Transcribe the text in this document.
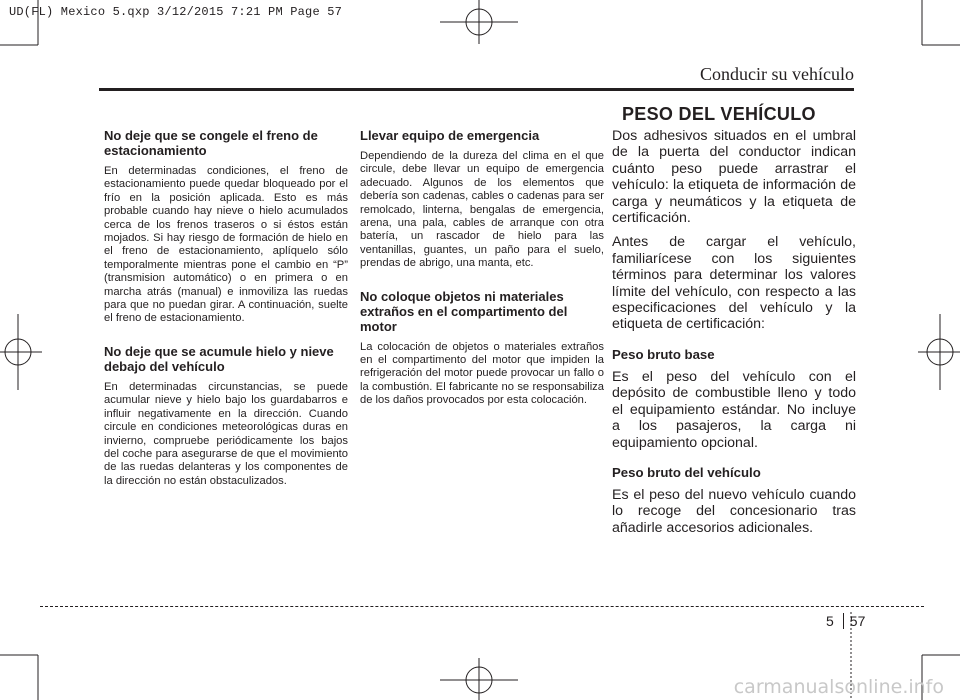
UD(FL) Mexico 5.qxp 3/12/2015 7:21 PM Page 57
Conducir su vehículo
No deje que se congele el freno de estacionamiento

En determinadas condiciones, el freno de estacionamiento puede quedar bloqueado por el frío en la posición aplicada. Esto es más probable cuando hay nieve o hielo acumulados cerca de los frenos traseros o si éstos están mojados. Si hay riesgo de formación de hielo en el freno de estacionamiento, aplíquelo sólo temporalmente mientras pone el cambio en “P” (transmision automático) o en primera o en marcha atrás (manual) e inmoviliza las ruedas para que no puedan girar. A continuación, suelte el freno de estacionamiento.

No deje que se acumule hielo y nieve debajo del vehículo

En determinadas circunstancias, se puede acumular nieve y hielo bajo los guardabarros e influir negativamente en la dirección. Cuando circule en condiciones meteorológicas duras en invierno, compruebe periódicamente los bajos del coche para asegurarse de que el movimiento de las ruedas delanteras y los componentes de la dirección no están obstaculizados.

Llevar equipo de emergencia

Dependiendo de la dureza del clima en el que circule, debe llevar un equipo de emergencia adecuado. Algunos de los elementos que debería son cadenas, cables o cadenas para ser remolcado, linterna, bengalas de emergencia, arena, una pala, cables de arranque con otra batería, un rascador de hielo para las ventanillas, guantes, un paño para el suelo, prendas de abrigo, una manta, etc.

No coloque objetos ni materiales extraños en el compartimento del motor

La colocación de objetos o materiales extraños en el compartimento del motor que impiden la refrigeración del motor puede provocar un fallo o la combustión. El fabricante no se responsabiliza de los daños provocados por esta colocación.

PESO DEL VEHÍCULO

Dos adhesivos situados en el umbral de la puerta del conductor indican cuánto peso puede arrastrar el vehículo: la etiqueta de información de carga y neumáticos y la etiqueta de certificación.

Antes de cargar el vehículo, familiarícese con los siguientes términos para determinar los valores límite del vehículo, con respecto a las especificaciones del vehículo y la etiqueta de certificación:

Peso bruto base

Es el peso del vehículo con el depósito de combustible lleno y todo el equipamiento estándar. No incluye a los pasajeros, la carga ni equipamiento opcional.

Peso bruto del vehículo

Es el peso del nuevo vehículo cuando lo recoge del concesionario tras añadirle accesorios adicionales.

5 57
carmanualsonline.info
